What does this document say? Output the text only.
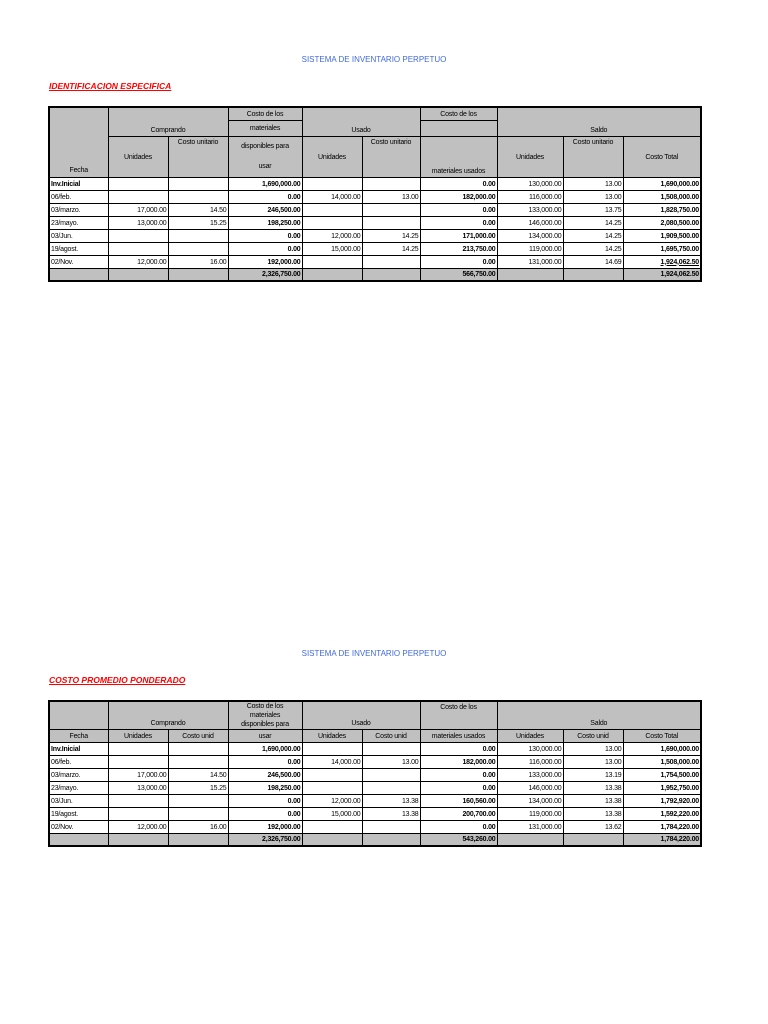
SISTEMA DE INVENTARIO PERPETUO
IDENTIFICACION ESPECIFICA
Fecha	Comprando		Costo de los	Usado		Costo de los	Saldo		
			materiales						
	Unidades	Costo unitario	disponibles para
usar	Unidades	Costo unitario	materiales usados	Unidades	Costo unitario	Costo Total
Inv.Inicial			1,690,000.00			0.00	130,000.00	13.00	1,690,000.00
06/feb.			0.00	14,000.00	13.00	182,000.00	116,000.00	13.00	1,508,000.00
03/marzo.	17,000.00	14.50	246,500.00			0.00	133,000.00	13.75	1,828,750.00
23/mayo.	13,000.00	15.25	198,250.00			0.00	146,000.00	14.25	2,080,500.00
03/Jun.			0.00	12,000.00	14.25	171,000.00	134,000.00	14.25	1,909,500.00
19/agost.			0.00	15,000.00	14.25	213,750.00	119,000.00	14.25	1,695,750.00
02/Nov.	12,000.00	16.00	192,000.00			0.00	131,000.00	14.69	1,924,062.50
			2,326,750.00			566,750.00			1,924,062.50
SISTEMA DE INVENTARIO PERPETUO
COSTO PROMEDIO PONDERADO
	Comprando		Costo de los
materiales
disponibles para	Usado		Costo de los	Saldo		

Fecha	Unidades	Costo unid	usar	Unidades	Costo unid	materiales usados	Unidades	Costo unid	Costo Total
Inv.Inicial			1,690,000.00			0.00	130,000.00	13.00	1,690,000.00
06/feb.			0.00	14,000.00	13.00	182,000.00	116,000.00	13.00	1,508,000.00
03/marzo.	17,000.00	14.50	246,500.00			0.00	133,000.00	13.19	1,754,500.00
23/mayo.	13,000.00	15.25	198,250.00			0.00	146,000.00	13.38	1,952,750.00
03/Jun.			0.00	12,000.00	13.38	160,560.00	134,000.00	13.38	1,792,920.00
19/agost.			0.00	15,000.00	13.38	200,700.00	119,000.00	13.38	1,592,220.00
02/Nov.	12,000.00	16.00	192,000.00			0.00	131,000.00	13.62	1,784,220.00
			2,326,750.00			543,260.00			1,784,220.00
